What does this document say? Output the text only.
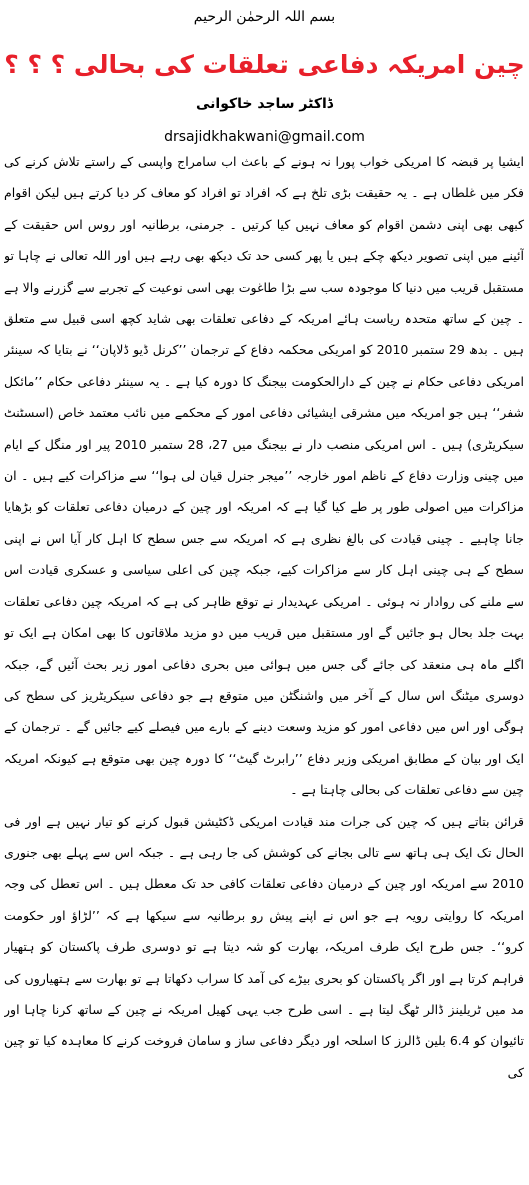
بسم اللہ الرحمٰن الرحیم
چین امریکہ دفاعی تعلقات کی بحالی ؟ ؟ ؟
ڈاکٹر ساجد خاکوانی
drsajidkhakwani@gmail.com

ایشیا پر قبضہ کا امریکی خواب پورا نہ ہونے کے باعث اب سامراج واپسی کے راستے تلاش کرنے کی فکر میں غلطاں ہے ۔ یہ حقیقت بڑی تلخ ہے کہ افراد تو افراد کو معاف کر دیا کرتے ہیں لیکن اقوام کبھی بھی اپنی دشمن اقوام کو معاف نہیں کیا کرتیں ۔ جرمنی، برطانیہ اور روس اس حقیقت کے آئینے میں اپنی تصویر دیکھ چکے ہیں یا پھر کسی حد تک دیکھ بھی رہے ہیں اور اللہ تعالی نے چاہا تو مستقبل قریب میں دنیا کا موجودہ سب سے بڑا طاغوت بھی اسی نوعیت کے تجربے سے گزرنے والا ہے ۔ چین کے ساتھ متحدہ ریاست ہائے امریکہ کے دفاعی تعلقات بھی شاید کچھ اسی قبیل سے متعلق ہیں ۔ بدھ 29 ستمبر 2010 کو امریکی محکمہ دفاع کے ترجمان ’’کرنل ڈیو ڈلاپان‘‘ نے بتایا کہ سینئر امریکی دفاعی حکام نے چین کے دارالحکومت بیجنگ کا دورہ کیا ہے ۔ یہ سینئر دفاعی حکام ’’مائکل شفر‘‘ ہیں جو امریکہ میں مشرقی ایشیائی دفاعی امور کے محکمے میں نائب معتمد خاص (اسسٹنٹ سیکریٹری) ہیں ۔ اس امریکی منصب دار نے بیجنگ میں 27، 28 ستمبر 2010 پیر اور منگل کے ایام میں چینی وزارت دفاع کے ناظم امور خارجہ ’’میجر جنرل قیان لی ہوا‘‘ سے مزاکرات کیے ہیں ۔ ان مزاکرات میں اصولی طور پر طے کیا گیا ہے کہ امریکہ اور چین کے درمیان دفاعی تعلقات کو بڑھایا جانا چاہیے ۔ چینی قیادت کی بالغ نظری ہے کہ امریکہ سے جس سطح کا اہل کار آیا اس نے اپنی سطح کے ہی چینی اہل کار سے مزاکرات کیے، جبکہ چین کی اعلی سیاسی و عسکری قیادت اس سے ملنے کی روادار نہ ہوئی ۔ امریکی عہدیدار نے توقع ظاہر کی ہے کہ امریکہ چین دفاعی تعلقات بہت جلد بحال ہو جائیں گے اور مستقبل میں قریب میں دو مزید ملاقاتوں کا بھی امکان ہے ایک تو اگلے ماہ ہی منعقد کی جائے گی جس میں ہوائی میں بحری دفاعی امور زیر بحث آئیں گے، جبکہ دوسری میٹنگ اس سال کے آخر میں واشنگٹن میں متوقع ہے جو دفاعی سیکریٹریز کی سطح کی ہوگی اور اس میں دفاعی امور کو مزید وسعت دینے کے بارے میں فیصلے کیے جائیں گے ۔ ترجمان کے ایک اور بیان کے مطابق امریکی وزیر دفاع ’’رابرٹ گیٹ‘‘ کا دورہ چین بھی متوقع ہے کیونکہ امریکہ چین سے دفاعی تعلقات کی بحالی چاہتا ہے ۔

قرائن بتاتے ہیں کہ چین کی جرات مند قیادت امریکی ڈکٹیشن قبول کرنے کو تیار نہیں ہے اور فی الحال تک ایک ہی ہاتھ سے تالی بجانے کی کوشش کی جا رہی ہے ۔ جبکہ اس سے پہلے بھی جنوری 2010 سے امریکہ اور چین کے درمیان دفاعی تعلقات کافی حد تک معطل ہیں ۔ اس تعطل کی وجہ امریکہ کا روایتی رویہ ہے جو اس نے اپنے پیش رو برطانیہ سے سیکھا ہے کہ ’’لڑاؤ اور حکومت کرو‘‘۔ جس طرح ایک طرف امریکہ، بھارت کو شہ دیتا ہے تو دوسری طرف پاکستان کو ہتھیار فراہم کرتا ہے اور اگر پاکستان کو بحری بیڑے کی آمد کا سراب دکھاتا ہے تو بھارت سے ہتھیاروں کی مد میں ٹریلینز ڈالر ٹھگ لیتا ہے ۔ اسی طرح جب یہی کھیل امریکہ نے چین کے ساتھ کرنا چاہا اور تائیوان کو 6.4 بلین ڈالرز کا اسلحہ اور دیگر دفاعی ساز و سامان فروخت کرنے کا معاہدہ کیا تو چین کی
